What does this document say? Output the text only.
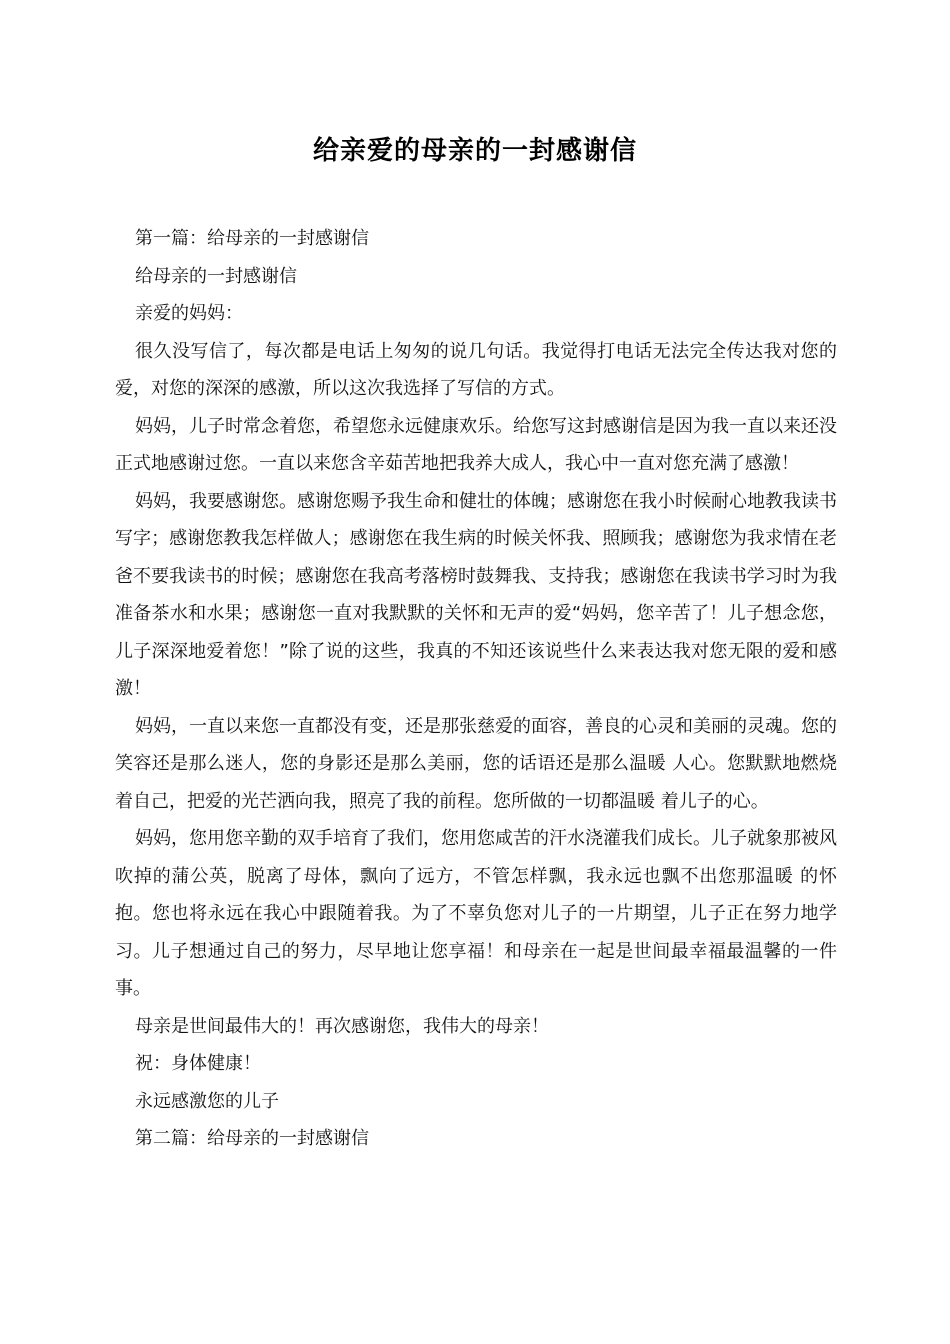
给亲爱的母亲的一封感谢信

第一篇：给母亲的一封感谢信

给母亲的一封感谢信

亲爱的妈妈：

很久没写信了，每次都是电话上匆匆的说几句话。我觉得打电话无法完全传达我对您的爱，对您的深深的感激，所以这次我选择了写信的方式。

妈妈，儿子时常念着您，希望您永远健康欢乐。给您写这封感谢信是因为我一直以来还没正式地感谢过您。一直以来您含辛茹苦地把我养大成人，我心中一直对您充满了感激！

妈妈，我要感谢您。感谢您赐予我生命和健壮的体魄；感谢您在我小时候耐心地教我读书写字；感谢您教我怎样做人；感谢您在我生病的时候关怀我、照顾我；感谢您为我求情在老爸不要我读书的时候；感谢您在我高考落榜时鼓舞我、支持我；感谢您在我读书学习时为我准备茶水和水果；感谢您一直对我默默的关怀和无声的爱“妈妈，您辛苦了！儿子想念您，儿子深深地爱着您！”除了说的这些，我真的不知还该说些什么来表达我对您无限的爱和感激！

妈妈，一直以来您一直都没有变，还是那张慈爱的面容，善良的心灵和美丽的灵魂。您的笑容还是那么迷人，您的身影还是那么美丽，您的话语还是那么温暖 人心。您默默地燃烧着自己，把爱的光芒洒向我，照亮了我的前程。您所做的一切都温暖 着儿子的心。

妈妈，您用您辛勤的双手培育了我们，您用您咸苦的汗水浇灌我们成长。儿子就象那被风吹掉的蒲公英，脱离了母体，飘向了远方，不管怎样飘，我永远也飘不出您那温暖 的怀抱。您也将永远在我心中跟随着我。为了不辜负您对儿子的一片期望，儿子正在努力地学习。儿子想通过自己的努力，尽早地让您享福！和母亲在一起是世间最幸福最温馨的一件事。

母亲是世间最伟大的！再次感谢您，我伟大的母亲！

祝：身体健康！

永远感激您的儿子

第二篇：给母亲的一封感谢信
